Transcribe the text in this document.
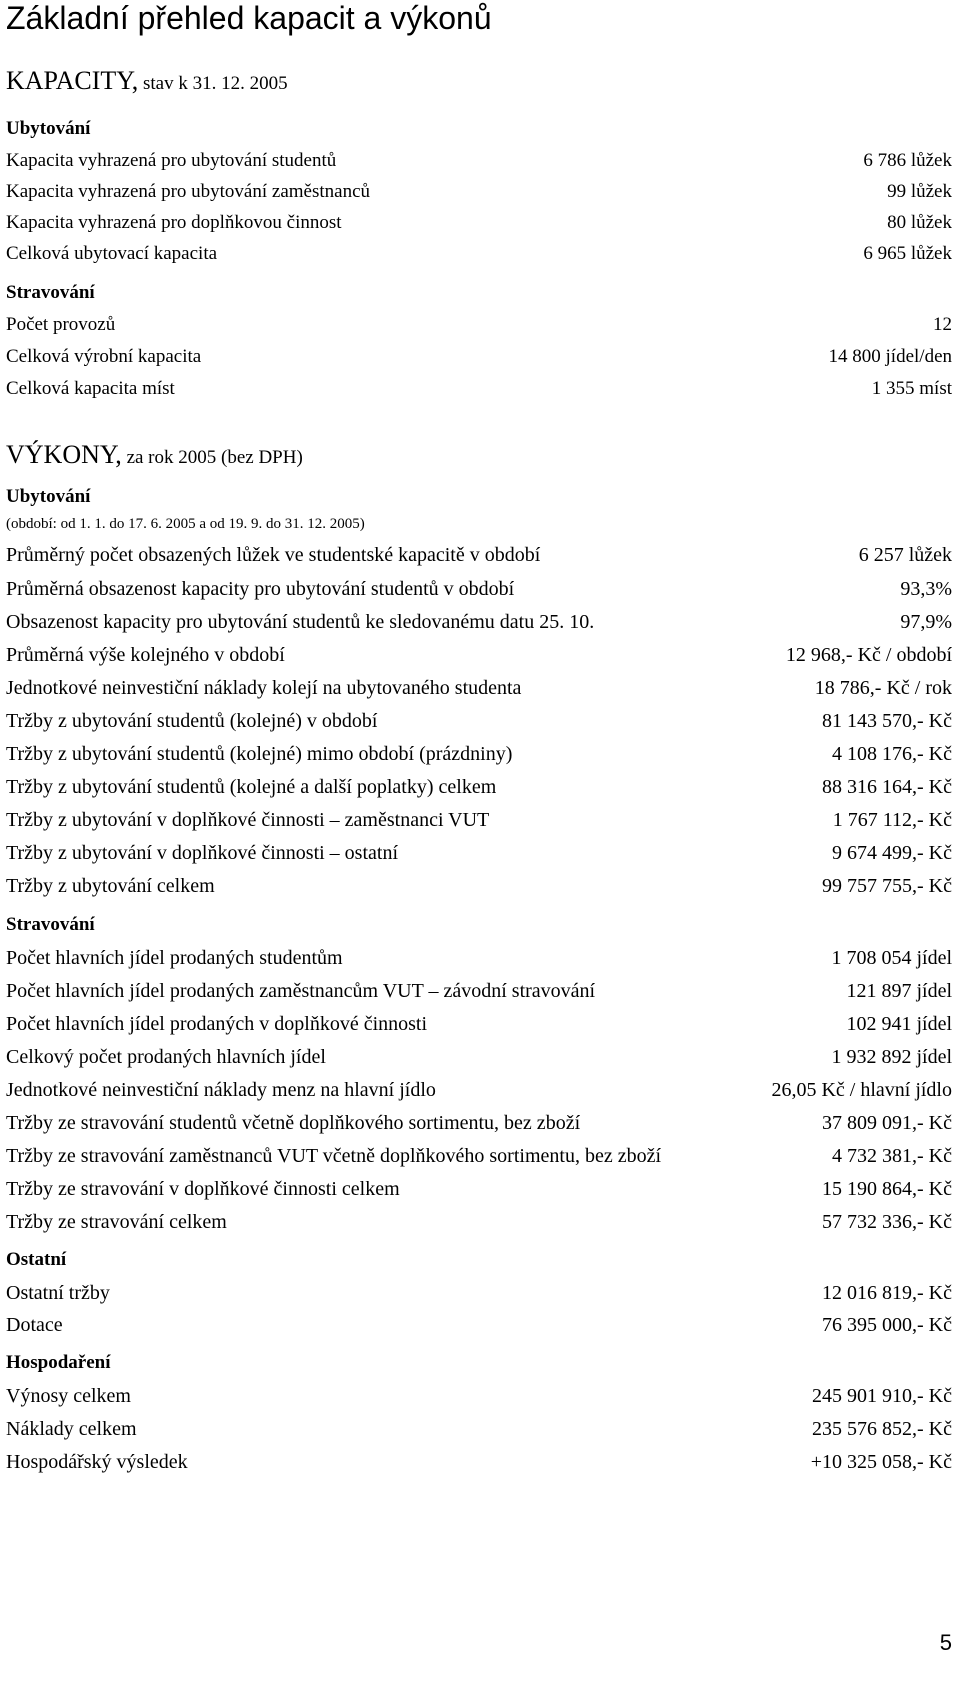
Základní přehled kapacit a výkonů
KAPACITY, stav k 31. 12. 2005
Ubytování
Kapacita vyhrazená pro ubytování studentů	6 786 lůžek
Kapacita vyhrazená pro ubytování zaměstnanců	99 lůžek
Kapacita vyhrazená pro doplňkovou činnost	80 lůžek
Celková ubytovací kapacita	6 965 lůžek
Stravování
Počet provozů	12
Celková výrobní kapacita	14 800 jídel/den
Celková kapacita míst	1 355 míst
VÝKONY, za rok 2005 (bez DPH)
Ubytování
(období: od 1. 1. do 17. 6. 2005 a od 19. 9. do 31. 12. 2005)
Průměrný počet obsazených lůžek ve studentské kapacitě v období	6 257 lůžek
Průměrná obsazenost kapacity pro ubytování studentů v období	93,3%
Obsazenost kapacity pro ubytování studentů ke sledovanému datu 25. 10.	97,9%
Průměrná výše kolejného v období	12 968,- Kč / období
Jednotkové neinvestiční náklady kolejí na ubytovaného studenta	18 786,- Kč / rok
Tržby z ubytování studentů (kolejné) v období	81 143 570,- Kč
Tržby z ubytování studentů (kolejné) mimo období (prázdniny)	4 108 176,- Kč
Tržby z ubytování studentů (kolejné a další poplatky) celkem	88 316 164,- Kč
Tržby z ubytování v doplňkové činnosti – zaměstnanci VUT	1 767 112,- Kč
Tržby z ubytování v doplňkové činnosti – ostatní	9 674 499,- Kč
Tržby z ubytování celkem	99 757 755,- Kč
Stravování
Počet hlavních jídel prodaných studentům	1 708 054 jídel
Počet hlavních jídel prodaných zaměstnancům VUT – závodní stravování	121 897 jídel
Počet hlavních jídel prodaných v doplňkové činnosti	102 941 jídel
Celkový počet prodaných hlavních jídel	1 932 892 jídel
Jednotkové neinvestiční náklady menz na hlavní jídlo	26,05 Kč / hlavní jídlo
Tržby ze stravování studentů včetně doplňkového sortimentu, bez zboží	37 809 091,- Kč
Tržby ze stravování zaměstnanců VUT včetně doplňkového sortimentu, bez zboží	4 732 381,- Kč
Tržby ze stravování v doplňkové činnosti celkem	15 190 864,- Kč
Tržby ze stravování celkem	57 732 336,- Kč
Ostatní
Ostatní tržby	12 016 819,- Kč
Dotace	76 395 000,- Kč
Hospodaření
Výnosy celkem	245 901 910,- Kč
Náklady celkem	235 576 852,- Kč
Hospodářský výsledek	+10 325 058,- Kč
5
